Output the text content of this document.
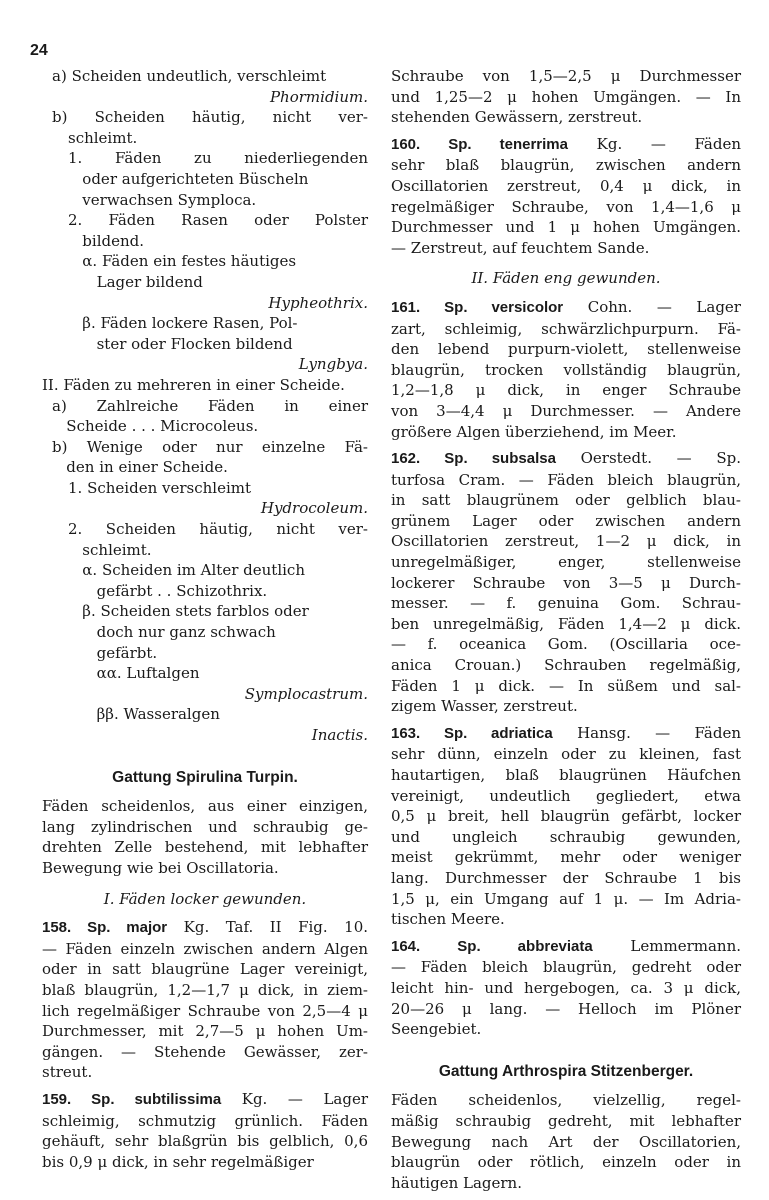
24
a) Scheiden undeutlich, verschleimt
Phormidium.
b) Scheiden häutig, nicht ver-
schleimt.
1. Fäden zu niederliegenden
oder aufgerichteten Büscheln
verwachsen Symploca.
2. Fäden Rasen oder Polster
bildend.
α. Fäden ein festes häutiges
Lager bildend
Hypheothrix.
β. Fäden lockere Rasen, Pol-
ster oder Flocken bildend
Lyngbya.
II. Fäden zu mehreren in einer Scheide.
a) Zahlreiche Fäden in einer
Scheide . . . Microcoleus.
b) Wenige oder nur einzelne Fä-
den in einer Scheide.
1. Scheiden verschleimt
Hydrocoleum.
2. Scheiden häutig, nicht ver-
schleimt.
α. Scheiden im Alter deutlich
gefärbt . . Schizothrix.
β. Scheiden stets farblos oder
doch nur ganz schwach
gefärbt.
αα. Luftalgen
Symplocastrum.
ββ. Wasseralgen
Inactis.
Gattung Spirulina Turpin.
Fäden scheidenlos, aus einer einzigen,
lang zylindrischen und schraubig ge-
drehten Zelle bestehend, mit lebhafter
Bewegung wie bei Oscillatoria.
I. Fäden locker gewunden.
158. Sp. major Kg. Taf. II Fig. 10.
— Fäden einzeln zwischen andern Algen
oder in satt blaugrüne Lager vereinigt,
blaß blaugrün, 1,2—1,7 μ dick, in ziem-
lich regelmäßiger Schraube von 2,5—4 μ
Durchmesser, mit 2,7—5 μ hohen Um-
gängen. — Stehende Gewässer, zer-
streut.
159. Sp. subtilissima Kg. — Lager
schleimig, schmutzig grünlich. Fäden
gehäuft, sehr blaßgrün bis gelblich, 0,6
bis 0,9 μ dick, in sehr regelmäßiger
Schraube von 1,5—2,5 μ Durchmesser
und 1,25—2 μ hohen Umgängen. — In
stehenden Gewässern, zerstreut.
160. Sp. tenerrima Kg. — Fäden
sehr blaß blaugrün, zwischen andern
Oscillatorien zerstreut, 0,4 μ dick, in
regelmäßiger Schraube, von 1,4—1,6 μ
Durchmesser und 1 μ hohen Umgängen.
— Zerstreut, auf feuchtem Sande.
II. Fäden eng gewunden.
161. Sp. versicolor Cohn. — Lager
zart, schleimig, schwärzlichpurpurn. Fä-
den lebend purpurn-violett, stellenweise
blaugrün, trocken vollständig blaugrün,
1,2—1,8 μ dick, in enger Schraube
von 3—4,4 μ Durchmesser. — Andere
größere Algen überziehend, im Meer.
162. Sp. subsalsa Oerstedt. — Sp.
turfosa Cram. — Fäden bleich blaugrün,
in satt blaugrünem oder gelblich blau-
grünem Lager oder zwischen andern
Oscillatorien zerstreut, 1—2 μ dick, in
unregelmäßiger, enger, stellenweise
lockerer Schraube von 3—5 μ Durch-
messer. — f. genuina Gom. Schrau-
ben unregelmäßig, Fäden 1,4—2 μ dick.
— f. oceanica Gom. (Oscillaria oce-
anica Crouan.) Schrauben regelmäßig,
Fäden 1 μ dick. — In süßem und sal-
zigem Wasser, zerstreut.
163. Sp. adriatica Hansg. — Fäden
sehr dünn, einzeln oder zu kleinen, fast
hautartigen, blaß blaugrünen Häufchen
vereinigt, undeutlich gegliedert, etwa
0,5 μ breit, hell blaugrün gefärbt, locker
und ungleich schraubig gewunden,
meist gekrümmt, mehr oder weniger
lang. Durchmesser der Schraube 1 bis
1,5 μ, ein Umgang auf 1 μ. — Im Adria-
tischen Meere.
164. Sp. abbreviata Lemmermann.
— Fäden bleich blaugrün, gedreht oder
leicht hin- und hergebogen, ca. 3 μ dick,
20—26 μ lang. — Helloch im Plöner
Seengebiet.
Gattung Arthrospira Stitzenberger.
Fäden scheidenlos, vielzellig, regel-
mäßig schraubig gedreht, mit lebhafter
Bewegung nach Art der Oscillatorien,
blaugrün oder rötlich, einzeln oder in
häutigen Lagern.
